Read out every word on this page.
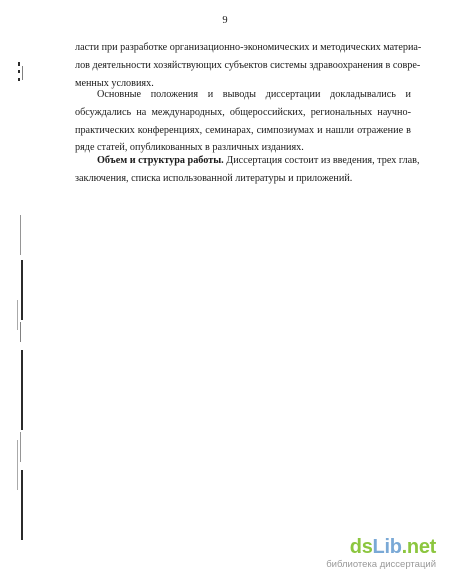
9
ласти при разработке организационно-экономических и методических материа-
лов деятельности хозяйствующих субъектов системы здравоохранения в совре-
менных условиях.
Основные положения и выводы диссертации докладывались и
обсуждались на международных, общероссийских, региональных научно-
практических конференциях, семинарах, симпозиумах и нашли отражение в
ряде статей, опубликованных в различных изданиях.
Объем и структура работы. Диссертация состоит из введения, трех глав,
заключения, списка использованной литературы и приложений.
dsLib.net
библиотека диссертаций
